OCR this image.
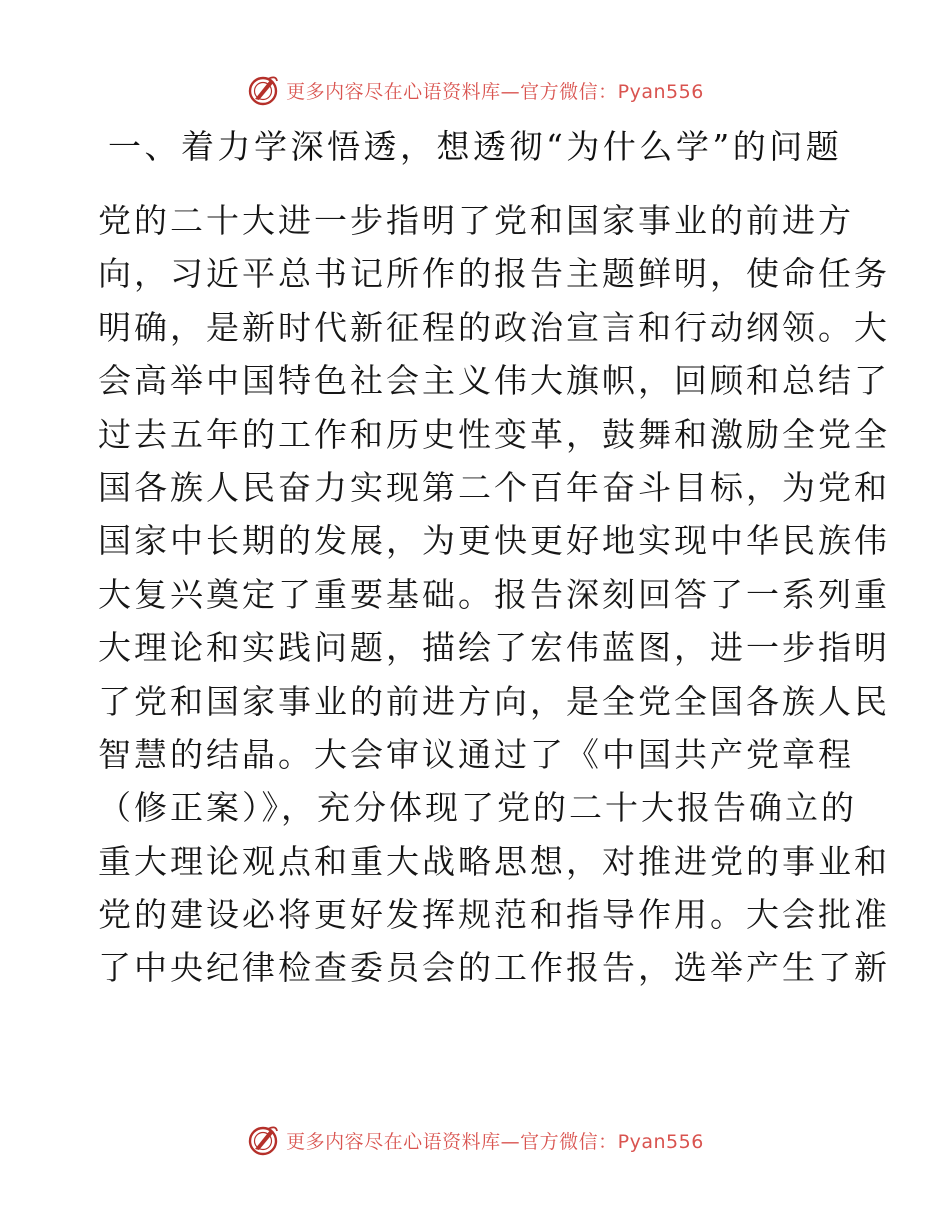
更多内容尽在心语资料库—官方微信：Pyan556
一、着力学深悟透，想透彻“为什么学”的问题
党的二十大进一步指明了党和国家事业的前进方
向，习近平总书记所作的报告主题鲜明，使命任务
明确，是新时代新征程的政治宣言和行动纲领。大
会高举中国特色社会主义伟大旗帜，回顾和总结了
过去五年的工作和历史性变革，鼓舞和激励全党全
国各族人民奋力实现第二个百年奋斗目标，为党和
国家中长期的发展，为更快更好地实现中华民族伟
大复兴奠定了重要基础。报告深刻回答了一系列重
大理论和实践问题，描绘了宏伟蓝图，进一步指明
了党和国家事业的前进方向，是全党全国各族人民
智慧的结晶。大会审议通过了《中国共产党章程
（修正案）》，充分体现了党的二十大报告确立的
重大理论观点和重大战略思想，对推进党的事业和
党的建设必将更好发挥规范和指导作用。大会批准
了中央纪律检查委员会的工作报告，选举产生了新
更多内容尽在心语资料库—官方微信：Pyan556
